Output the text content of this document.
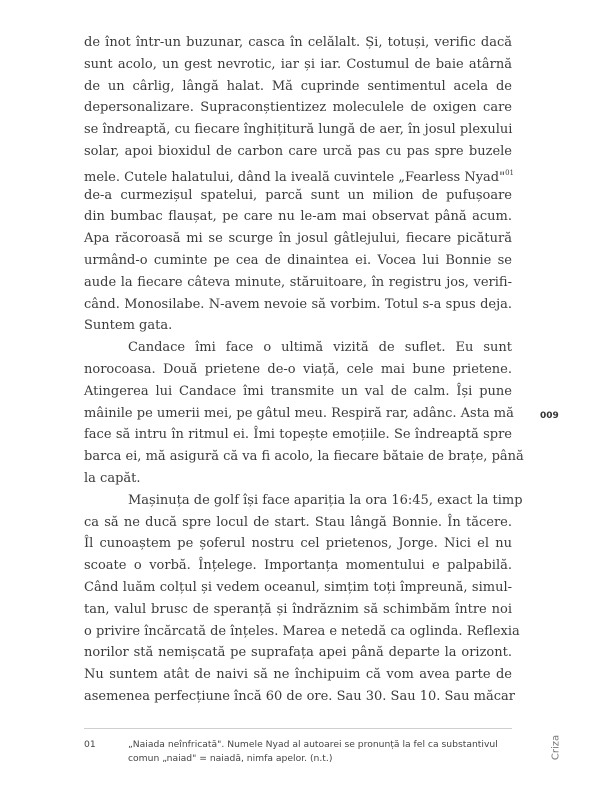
de înot într-un buzunar, casca în celălalt. Și, totuși, verific dacă
sunt acolo, un gest nevrotic, iar și iar. Costumul de baie atârnă
de un cârlig, lângă halat. Mă cuprinde sentimentul acela de
depersonalizare. Supraconștientizez moleculele de oxigen care
se îndreaptă, cu fiecare înghițitură lungă de aer, în josul plexului
solar, apoi bioxidul de carbon care urcă pas cu pas spre buzele
mele. Cutele halatului, dând la iveală cuvintele „Fearless Nyad"$^{01}$
de-a curmezișul spatelui, parcă sunt un milion de pufușoare
din bumbac flaușat, pe care nu le-am mai observat până acum.
Apa răcoroasă mi se scurge în josul gâtlejului, fiecare picătură
urmând-o cuminte pe cea de dinaintea ei. Vocea lui Bonnie se
aude la fiecare câteva minute, stăruitoare, în registru jos, verifi-
când. Monosilabe. N-avem nevoie să vorbim. Totul s-a spus deja.
Suntem gata.
Candace îmi face o ultimă vizită de suflet. Eu sunt
norocoasa. Două prietene de-o viață, cele mai bune prietene.
Atingerea lui Candace îmi transmite un val de calm. Își pune
mâinile pe umerii mei, pe gâtul meu. Respiră rar, adânc. Asta mă
face să intru în ritmul ei. Îmi topește emoțiile. Se îndreaptă spre
barca ei, mă asigură că va fi acolo, la fiecare bătaie de brațe, până
la capăt.
Mașinuța de golf își face apariția la ora 16:45, exact la timp
ca să ne ducă spre locul de start. Stau lângă Bonnie. În tăcere.
Îl cunoaștem pe șoferul nostru cel prietenos, Jorge. Nici el nu
scoate o vorbă. Înțelege. Importanța momentului e palpabilă.
Când luăm colțul și vedem oceanul, simțim toți împreună, simul-
tan, valul brusc de speranță și îndrăznim să schimbăm între noi
o privire încărcată de înțeles. Marea e netedă ca oglinda. Reflexia
norilor stă nemișcată pe suprafața apei până departe la orizont.
Nu suntem atât de naivi să ne închipuim că vom avea parte de
asemenea perfecțiune încă 60 de ore. Sau 30. Sau 10. Sau măcar
009
01	„Naiada neînfricată". Numele Nyad al autoarei se pronunță la fel ca substantivul
comun „naiad" = naiadă, nimfa apelor. (n.t.)	Criza
